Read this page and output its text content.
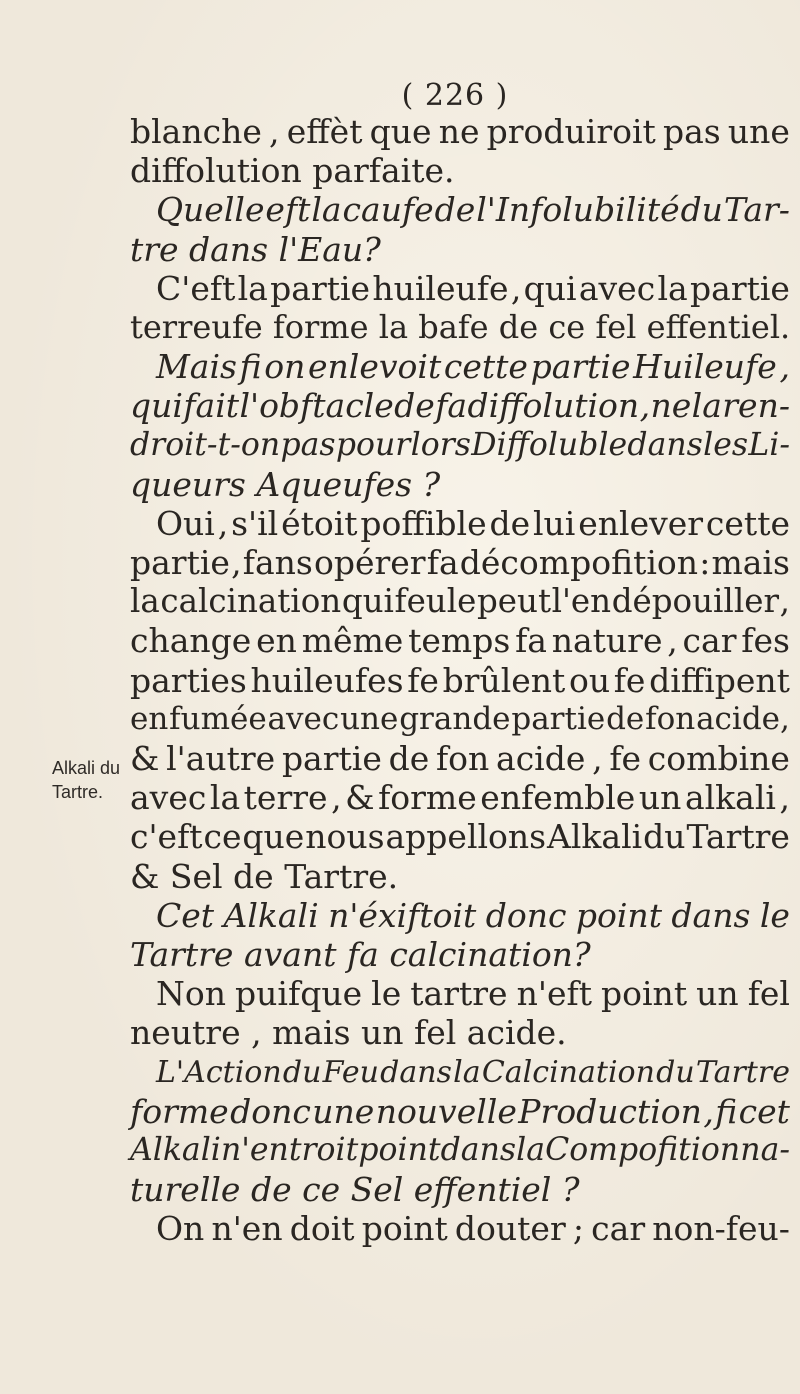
( 226 )
Alkali du
Tartre.
blanche , effèt que ne produiroit pas une
diffolution parfaite.
Quelle eft la caufe de l'Infolubilité du Tar-
tre dans l'Eau?
C'eft la partie huileufe , qui avec la partie
terreufe forme la bafe de ce fel effentiel.
Mais fi on enlevoit cette partie Huileufe ,
qui fait l'obftacle de fa diffolution , ne la ren-
droit-t-on pas pour lors Diffoluble dans les Li-
queurs Aqueufes ?
Oui , s'il étoit poffible de lui enlever cette
partie , fans opérer fa décompofition : mais
la calcination qui feule peut l'en dépouiller ,
change en même temps fa nature , car fes
parties huileufes fe brûlent ou fe diffipent
en fumée avec une grande partie de fon acide,
& l'autre partie de fon acide , fe combine
avec la terre , & forme enfemble un alkali ,
c'eft ce que nous appellons Alkali du Tartre
& Sel de Tartre.
Cet Alkali n'éxiftoit donc point dans le
Tartre avant fa calcination?
Non puifque le tartre n'eft point un fel
neutre , mais un fel acide.
L'Action du Feu dans la Calcination du Tartre
forme donc une nouvelle Production , fi cet
Alkali n'entroit point dans la Compofition na-
turelle de ce Sel effentiel ?
On n'en doit point douter ; car non-feu-
